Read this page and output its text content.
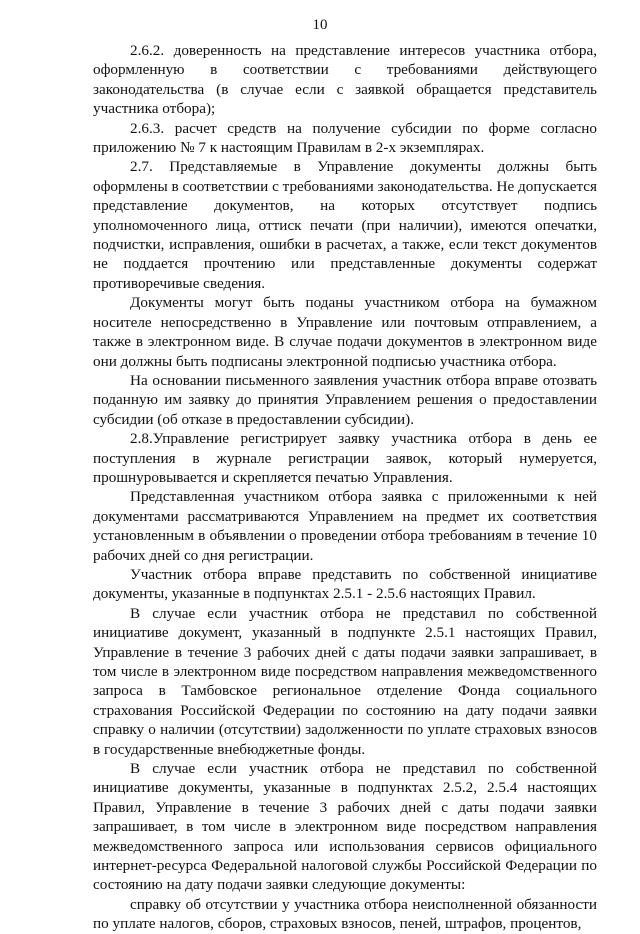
10

2.6.2. доверенность на представление интересов участника отбора, оформленную в соответствии с требованиями действующего законодательства (в случае если с заявкой обращается представитель участника отбора);

2.6.3. расчет средств на получение субсидии по форме согласно приложению № 7 к настоящим Правилам в 2-х экземплярах.

2.7. Представляемые в Управление документы должны быть оформлены в соответствии с требованиями законодательства. Не допускается представление документов, на которых отсутствует подпись уполномоченного лица, оттиск печати (при наличии), имеются опечатки, подчистки, исправления, ошибки в расчетах, а также, если текст документов не поддается прочтению или представленные документы содержат противоречивые сведения.

Документы могут быть поданы участником отбора на бумажном носителе непосредственно в Управление или почтовым отправлением, а также в электронном виде. В случае подачи документов в электронном виде они должны быть подписаны электронной подписью участника отбора.

На основании письменного заявления участник отбора вправе отозвать поданную им заявку до принятия Управлением решения о предоставлении субсидии (об отказе в предоставлении субсидии).

2.8.Управление регистрирует заявку участника отбора в день ее поступления в журнале регистрации заявок, который нумеруется, прошнуровывается и скрепляется печатью Управления.

Представленная участником отбора заявка с приложенными к ней документами рассматриваются Управлением на предмет их соответствия установленным в объявлении о проведении отбора требованиям в течение 10 рабочих дней со дня регистрации.

Участник отбора вправе представить по собственной инициативе документы, указанные в подпунктах 2.5.1 - 2.5.6 настоящих Правил.

В случае если участник отбора не представил по собственной инициативе документ, указанный в подпункте 2.5.1 настоящих Правил, Управление в течение 3 рабочих дней с даты подачи заявки запрашивает, в том числе в электронном виде посредством направления межведомственного запроса в Тамбовское региональное отделение Фонда социального страхования Российской Федерации по состоянию на дату подачи заявки справку о наличии (отсутствии) задолженности по уплате страховых взносов в государственные внебюджетные фонды.

В случае если участник отбора не представил по собственной инициативе документы, указанные в подпунктах 2.5.2, 2.5.4 настоящих Правил, Управление в течение 3 рабочих дней с даты подачи заявки запрашивает, в том числе в электронном виде посредством направления межведомственного запроса или использования сервисов официального интернет-ресурса Федеральной налоговой службы Российской Федерации по состоянию на дату подачи заявки следующие документы:

справку об отсутствии у участника отбора неисполненной обязанности по уплате налогов, сборов, страховых взносов, пеней, штрафов, процентов,
